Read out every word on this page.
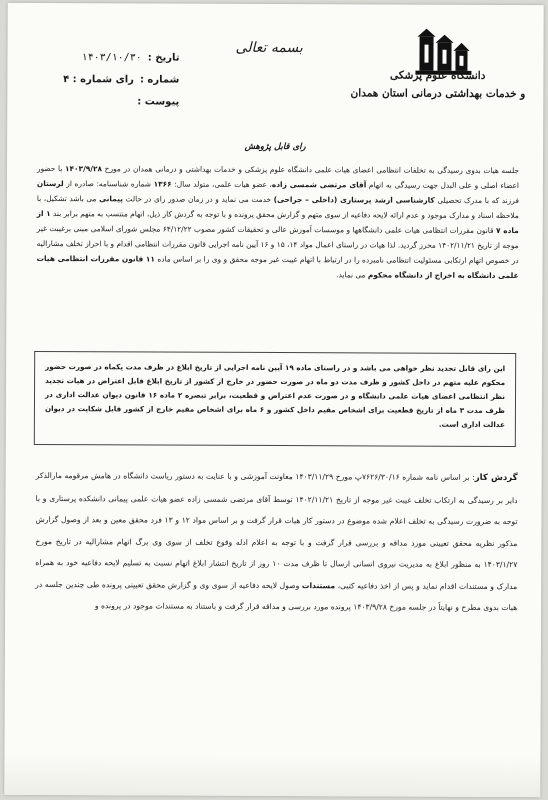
تاریخ :
۱۴۰۳/۱۰/۳۰
شماره :
رای شماره : ۴
پیوست :
بسمه تعالی
دانشگاه علوم پزشکی
و خدمات بهداشتی درمانی استان همدان
رای قابل پژوهش
جلسه هیات بدوی رسیدگی به تخلفات انتظامی اعضای هیات علمی دانشگاه علوم پزشکی و خدمات بهداشتی و درمانی همدان در مورخ ۱۴۰۳/۹/۲۸ با حضور اعضاء اصلی و علی البدل جهت رسیدگی به اتهام آقای مرتضی شمسی زاده، عضو هیات علمی، متولد سال: ۱۳۶۶ شماره شناسنامه: صادره از لرستان فرزند که با مدرک تحصیلی کارشناسی ارشد پرستاری (داخلی – جراحی) خدمت می نماید و در زمان صدور رای در حالت پیمانی می باشد تشکیل، با ملاحظه اسناد و مدارک موجود و عدم ارائه لایحه دفاعیه از سوی متهم و گزارش محقق پرونده و با توجه به گردش کار ذیل، اتهام منتسب به متهم برابر بند ۱ از ماده ۷ قانون مقررات انتظامی هیات علمی دانشگاهها و موسسات آموزش عالی و تحقیقات کشور مصوب ۶۴/۱۲/۲۲ مجلس شورای اسلامی مبنی برغیبت غیر موجه از تاریخ ۱۴۰۲/۱۱/۲۱ محرز گردید. لذا هیات در راستای اعمال مواد ۱۴، ۱۵ و ۱۶ آیین نامه اجرایی قانون مقررات انتظامی اقدام و با احراز تخلف مشارالیه در خصوص اتهام ارتکابی مسئولیت انتظامی نامبرده را در ارتباط با اتهام غیبت غیر موجه محقق و وی را بر اساس ماده ۱۱ قانون مقررات انتظامی هیات علمی دانشگاه به اخراج از دانشگاه محکوم می نماید.
این رای قابل تجدید نظر خواهی می باشد و در راستای ماده ۱۹ آیین نامه اجرایی از تاریخ ابلاغ در ظرف مدت یکماه در صورت حضور محکوم علیه متهم در داخل کشور و ظرف مدت دو ماه در صورت حضور در خارج از کشور از تاریخ ابلاغ قابل اعتراض در هیات تجدید نظر انتظامی اعضای هیات علمی دانشگاه و در صورت عدم اعتراض و قطعیت، برابر تبصره ۲ ماده ۱۶ قانون دیوان عدالت اداری در ظرف مدت ۳ ماه از تاریخ قطعیت برای اشخاص مقیم داخل کشور و ۶ ماه برای اشخاص مقیم خارج از کشور قابل شکایت در دیوان عدالت اداری است.
گردش کار: بر اساس نامه شماره ۷۶۲۶/۳۰/۱۶پ مورخ ۱۴۰۳/۱۱/۲۹ معاونت آموزشی و با عنایت به دستور ریاست دانشگاه در هامش مرقومه مارالذکر دایر بر رسیدگی به ارتکاب تخلف غیبت غیر موجه از تاریخ ۱۴۰۲/۱۱/۲۱ توسط آقای مرتضی شمسی زاده عضو هیات علمی پیمانی دانشکده پرستاری و با توجه به ضرورت رسیدگی به تخلف اعلام شده موضوع در دستور کار هیات قرار گرفت و بر اساس مواد ۱۲ و ۱۳ فرد محقق معین و بعد از وصول گزارش مذکور نظریه محقق تعیینی مورد مداقه و بررسی قرار گرفت و با توجه به اعلام ادله وقوع تخلف از سوی وی برگ اتهام مشارالیه در تاریخ مورخ ۱۴۰۳/۱/۲۷ به منظور ابلاغ به مدیریت نیروی انسانی ارسال تا ظرف مدت ۱۰ روز از تاریخ انتشار ابلاغ اتهام نسبت به تسلیم لایحه دفاعیه خود به همراه مدارک و مستندات اقدام نماید و پس از اخذ دفاعیه کتبی، مستندات وصول لایحه دفاعیه از سوی وی و گزارش محقق تعیینی پرونده طی چندین جلسه در هیات بدوی مطرح و نهایتاً در جلسه مورخ ۱۴۰۳/۹/۲۸ پرونده مورد بررسی و مداقه قرار گرفت و باستناد به مستندات موجود در پرونده و
